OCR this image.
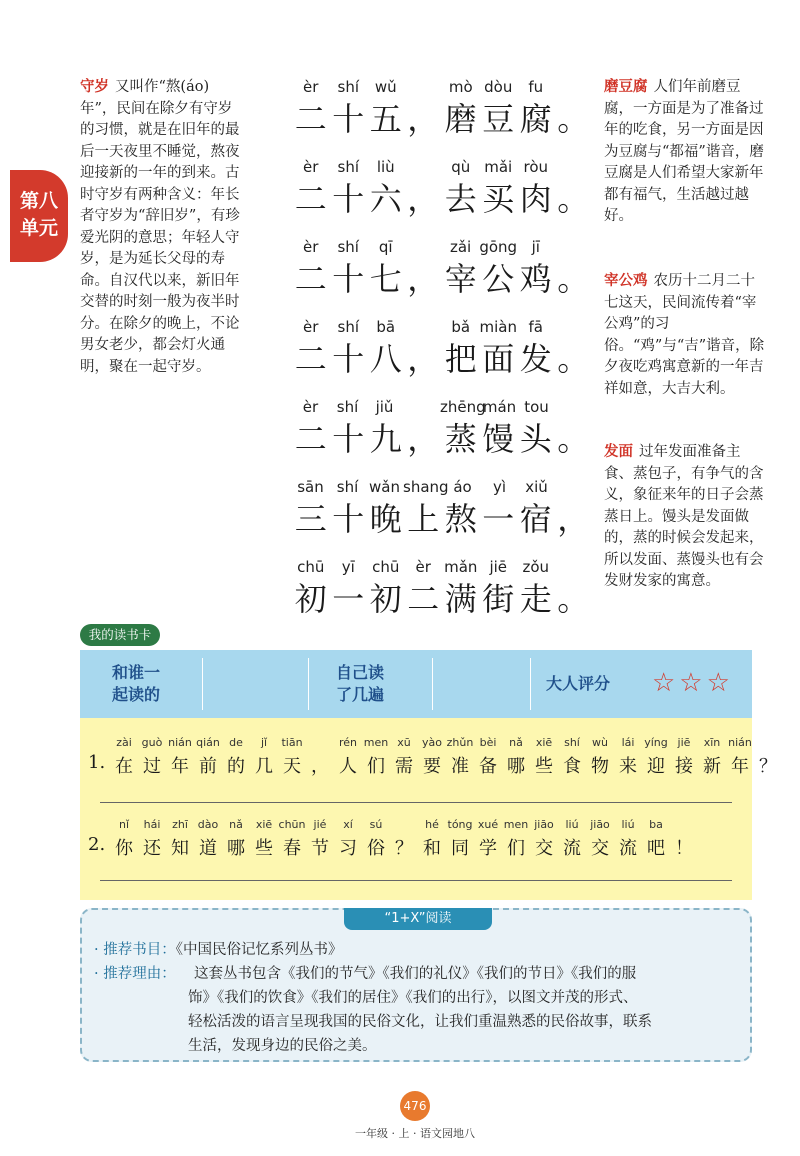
第八
单元
守岁 又叫作“熬(áo)年”，民间在除夕有守岁的习惯，就是在旧年的最后一天夜里不睡觉，熬夜迎接新的一年的到来。古时守岁有两种含义：年长者守岁为“辞旧岁”，有珍爱光阴的意思；年轻人守岁，是为延长父母的寿命。自汉代以来，新旧年交替的时刻一般为夜半时分。在除夕的晚上，不论男女老少，都会灯火通明，聚在一起守岁。
磨豆腐 人们年前磨豆腐，一方面是为了准备过年的吃食，另一方面是因为豆腐与“都福”谐音，磨豆腐是人们希望大家新年都有福气，生活越过越好。
宰公鸡 农历十二月二十七这天，民间流传着“宰公鸡”的习俗。“鸡”与“吉”谐音，除夕夜吃鸡寓意新的一年吉祥如意，大吉大利。
发面 过年发面准备主食、蒸包子，有争气的含义，象征来年的日子会蒸蒸日上。馒头是发面做的，蒸的时候会发起来，所以发面、蒸馒头也有会发财发家的寓意。
èr	shí	wǔ	mò dòu	fu
二 十 五 ， 磨 豆 腐 。
èr	shí	liù	qù mǎi ròu
二 十 六 ， 去 买 肉 。
èr	shí	qī	zǎi gōng jī
二 十 七 ， 宰 公 鸡 。
èr	shí	bā	bǎ miàn fā
二 十 八 ， 把 面 发 。
èr	shí	jiǔ	zhēng
mán tou
二 十 九 ， 蒸 馒 头 。
sān shí wǎn shang áo	yì	xiǔ
三 十 晚 上 熬 一 宿 ，
chū	yī	chū	èr mǎn jiē	zǒu
初 一 初 二 满 街 走 。
我的读书卡
和谁一
起读的
自己读
了几遍
大人评分 ☆☆☆
zài guò nián qián de	jǐ	tiān	rén men xū	yào zhǔn bèi	nǎ	xiē	shí	wù	lái yíng jiē	xīn nián
1. 在 过 年 前 的 几 天 ， 人 们 需 要 准 备 哪 些 食 物 来 迎 接 新 年 ？
nǐ	hái	zhī dào nǎ	xiē chūn jié	xí	sú	hé tóng xué men jiāo	liú	jiāo	liú	ba
2. 你 还 知 道 哪 些 春 节 习 俗 ？ 和 同 学 们 交 流 交 流 吧 ！
“1+X”阅读
· 推荐书目：《中国民俗记忆系列丛书》
· 推荐理由： 这套丛书包含《我们的节气》《我们的礼仪》《我们的节日》《我们的服
饰》《我们的饮食》《我们的居住》《我们的出行》，以图文并茂的形式、
轻松活泼的语言呈现我国的民俗文化，让我们重温熟悉的民俗故事，联系
生活，发现身边的民俗之美。
476
一年级 · 上 · 语文园地八
